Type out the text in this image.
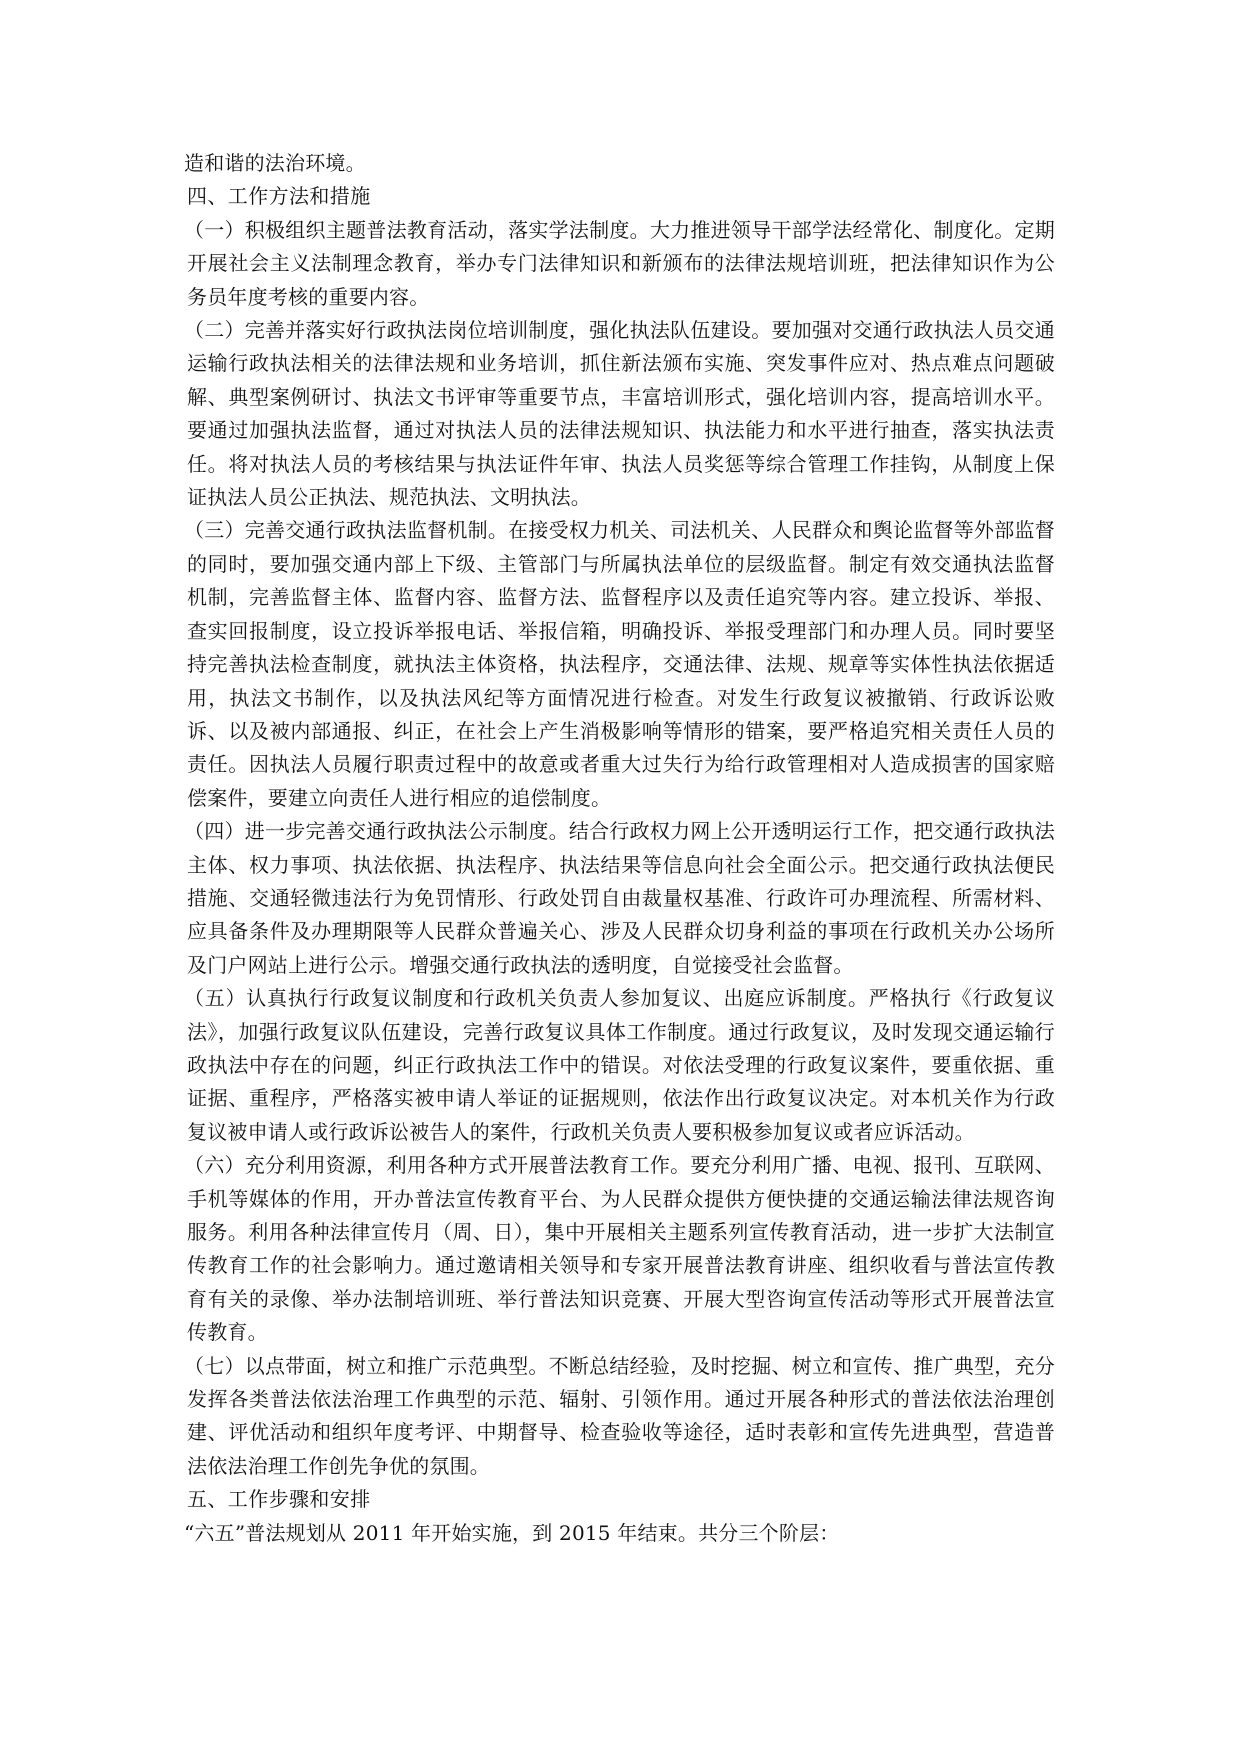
造和谐的法治环境。

四、工作方法和措施

（一）积极组织主题普法教育活动，落实学法制度。大力推进领导干部学法经常化、制度化。定期开展社会主义法制理念教育，举办专门法律知识和新颁布的法律法规培训班，把法律知识作为公务员年度考核的重要内容。

（二）完善并落实好行政执法岗位培训制度，强化执法队伍建设。要加强对交通行政执法人员交通运输行政执法相关的法律法规和业务培训，抓住新法颁布实施、突发事件应对、热点难点问题破解、典型案例研讨、执法文书评审等重要节点，丰富培训形式，强化培训内容，提高培训水平。要通过加强执法监督，通过对执法人员的法律法规知识、执法能力和水平进行抽查，落实执法责任。将对执法人员的考核结果与执法证件年审、执法人员奖惩等综合管理工作挂钩，从制度上保证执法人员公正执法、规范执法、文明执法。

（三）完善交通行政执法监督机制。在接受权力机关、司法机关、人民群众和舆论监督等外部监督的同时，要加强交通内部上下级、主管部门与所属执法单位的层级监督。制定有效交通执法监督机制，完善监督主体、监督内容、监督方法、监督程序以及责任追究等内容。建立投诉、举报、查实回报制度，设立投诉举报电话、举报信箱，明确投诉、举报受理部门和办理人员。同时要坚持完善执法检查制度，就执法主体资格，执法程序，交通法律、法规、规章等实体性执法依据适用，执法文书制作，以及执法风纪等方面情况进行检查。对发生行政复议被撤销、行政诉讼败诉、以及被内部通报、纠正，在社会上产生消极影响等情形的错案，要严格追究相关责任人员的责任。因执法人员履行职责过程中的故意或者重大过失行为给行政管理相对人造成损害的国家赔偿案件，要建立向责任人进行相应的追偿制度。

（四）进一步完善交通行政执法公示制度。结合行政权力网上公开透明运行工作，把交通行政执法主体、权力事项、执法依据、执法程序、执法结果等信息向社会全面公示。把交通行政执法便民措施、交通轻微违法行为免罚情形、行政处罚自由裁量权基准、行政许可办理流程、所需材料、应具备条件及办理期限等人民群众普遍关心、涉及人民群众切身利益的事项在行政机关办公场所及门户网站上进行公示。增强交通行政执法的透明度，自觉接受社会监督。

（五）认真执行行政复议制度和行政机关负责人参加复议、出庭应诉制度。严格执行《行政复议法》，加强行政复议队伍建设，完善行政复议具体工作制度。通过行政复议，及时发现交通运输行政执法中存在的问题，纠正行政执法工作中的错误。对依法受理的行政复议案件，要重依据、重证据、重程序，严格落实被申请人举证的证据规则，依法作出行政复议决定。对本机关作为行政复议被申请人或行政诉讼被告人的案件，行政机关负责人要积极参加复议或者应诉活动。

（六）充分利用资源，利用各种方式开展普法教育工作。要充分利用广播、电视、报刊、互联网、手机等媒体的作用，开办普法宣传教育平台、为人民群众提供方便快捷的交通运输法律法规咨询服务。利用各种法律宣传月（周、日），集中开展相关主题系列宣传教育活动，进一步扩大法制宣传教育工作的社会影响力。通过邀请相关领导和专家开展普法教育讲座、组织收看与普法宣传教育有关的录像、举办法制培训班、举行普法知识竞赛、开展大型咨询宣传活动等形式开展普法宣传教育。

（七）以点带面，树立和推广示范典型。不断总结经验，及时挖掘、树立和宣传、推广典型，充分发挥各类普法依法治理工作典型的示范、辐射、引领作用。通过开展各种形式的普法依法治理创建、评优活动和组织年度考评、中期督导、检查验收等途径，适时表彰和宣传先进典型，营造普法依法治理工作创先争优的氛围。

五、工作步骤和安排

“六五”普法规划从 2011 年开始实施，到 2015 年结束。共分三个阶层：
